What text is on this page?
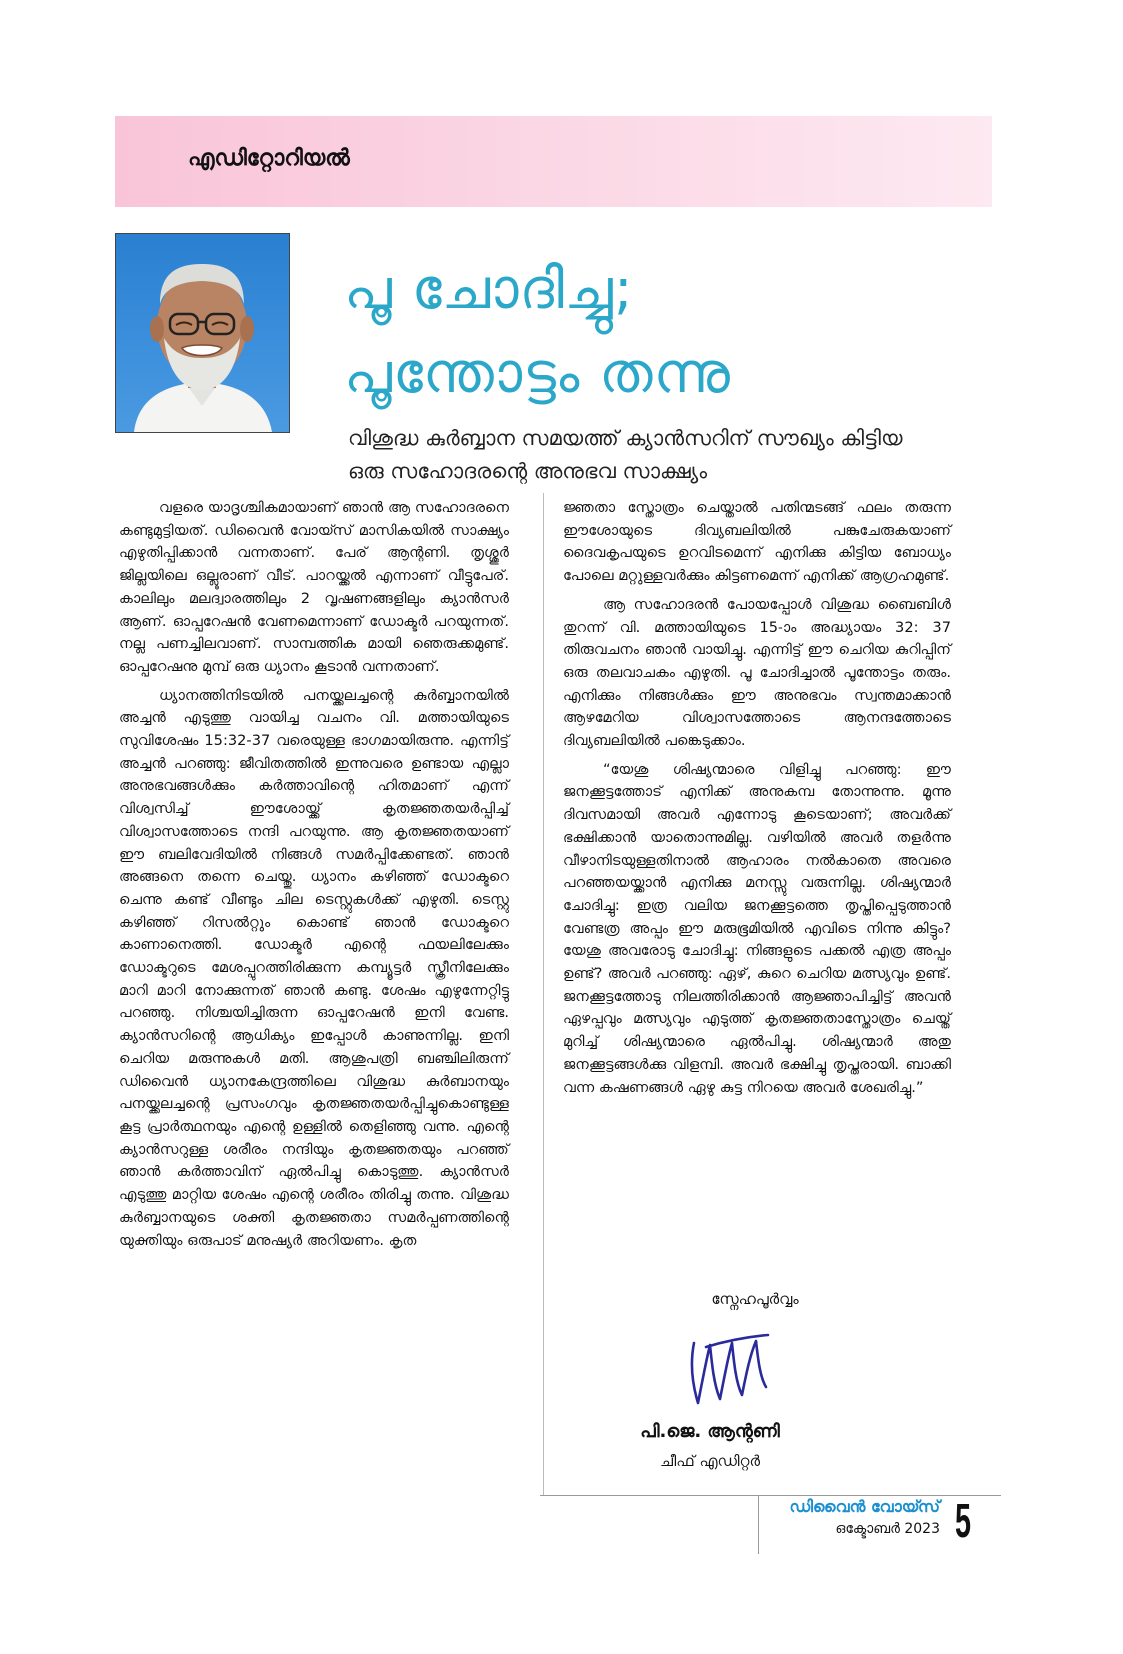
എഡിറ്റോറിയൽ
പൂ ചോദിച്ചു;
പൂന്തോട്ടം തന്നു
വിശുദ്ധ കുർബ്ബാന സമയത്ത് ക്യാൻസറിന് സൗഖ്യം കിട്ടിയ
ഒരു സഹോദരന്റെ അനുഭവ സാക്ഷ്യം

വളരെ യാദൃശ്ചികമായാണ് ഞാൻ ആ സഹോദരനെ കണ്ടുമുട്ടിയത്. ഡിവൈൻ വോയ്സ് മാസികയിൽ സാക്ഷ്യം എഴുതിപ്പിക്കാൻ വന്നതാണ്. പേര് ആന്റണി. തൃശ്ശൂർ ജില്ലയിലെ ഒല്ലൂരാണ് വീട്. പാറയ്ക്കൽ എന്നാണ് വീട്ടുപേര്. കാലിലും മലദ്വാരത്തിലും 2 വൃഷണങ്ങളിലും ക്യാൻസർ ആണ്. ഓപ്പറേഷൻ വേണമെന്നാണ് ഡോക്ടർ പറയുന്നത്. നല്ല പണച്ചിലവാണ്. സാമ്പത്തിക മായി ഞെരുക്കമുണ്ട്. ഓപ്പറേഷനു മുമ്പ് ഒരു ധ്യാനം കൂടാൻ വന്നതാണ്.

ധ്യാനത്തിനിടയിൽ പനയ്ക്കലച്ചന്റെ കുർബ്ബാനയിൽ അച്ചൻ എടുത്തു വായിച്ച വചനം വി. മത്തായിയുടെ സുവിശേഷം 15:32-37 വരെയുള്ള ഭാഗമായിരുന്നു. എന്നിട്ട് അച്ചൻ പറഞ്ഞു: ജീവിതത്തിൽ ഇന്നുവരെ ഉണ്ടായ എല്ലാ അനുഭവങ്ങൾക്കും കർത്താവിന്റെ ഹിതമാണ് എന്ന് വിശ്വസിച്ച് ഈശോയ്ക്ക് കൃതജ്ഞതയർപ്പിച്ച് വിശ്വാസത്തോടെ നന്ദി പറയുന്നു. ആ കൃതജ്ഞതയാണ് ഈ ബലിവേദിയിൽ നിങ്ങൾ സമർപ്പിക്കേണ്ടത്. ഞാൻ അങ്ങനെ തന്നെ ചെയ്തു. ധ്യാനം കഴിഞ്ഞ് ഡോക്ടറെ ചെന്നു കണ്ട് വീണ്ടും ചില ടെസ്റ്റുകൾക്ക് എഴുതി. ടെസ്റ്റു കഴിഞ്ഞ് റിസൽറ്റും കൊണ്ട് ഞാൻ ഡോക്ടറെ കാണാനെത്തി. ഡോക്ടർ എന്റെ ഫയലിലേക്കും ഡോക്ടറുടെ മേശപ്പുറത്തിരിക്കുന്ന കമ്പ്യൂട്ടർ സ്ക്രീനിലേക്കും മാറി മാറി നോക്കുന്നത് ഞാൻ കണ്ടു. ശേഷം എഴുന്നേറ്റിട്ടു പറഞ്ഞു. നിശ്ചയിച്ചിരുന്ന ഓപ്പറേഷൻ ഇനി വേണ്ട. ക്യാൻസറിന്റെ ആധിക്യം ഇപ്പോൾ കാണുന്നില്ല. ഇനി ചെറിയ മരുന്നുകൾ മതി. ആശുപത്രി ബഞ്ചിലിരുന്ന് ഡിവൈൻ ധ്യാനകേന്ദ്രത്തിലെ വിശുദ്ധ കുർബാനയും പനയ്ക്കലച്ചന്റെ പ്രസംഗവും കൃതജ്ഞതയർപ്പിച്ചുകൊണ്ടുള്ള കൂട്ട പ്രാർത്ഥനയും എന്റെ ഉള്ളിൽ തെളിഞ്ഞു വന്നു. എന്റെ ക്യാൻസറുള്ള ശരീരം നന്ദിയും കൃതജ്ഞതയും പറഞ്ഞ് ഞാൻ കർത്താവിന് ഏൽപിച്ചു കൊടുത്തു. ക്യാൻസർ എടുത്തു മാറ്റിയ ശേഷം എന്റെ ശരീരം തിരിച്ചു തന്നു. വിശുദ്ധ കുർബ്ബാനയുടെ ശക്തി കൃതജ്ഞതാ സമർപ്പണത്തിന്റെ യുക്തിയും ഒരുപാട് മനുഷ്യർ അറിയണം. കൃത

ജ്ഞതാ സ്തോത്രം ചെയ്താൽ പതിന്മടങ്ങ് ഫലം തരുന്ന ഈശോയുടെ ദിവ്യബലിയിൽ പങ്കുചേരുകയാണ് ദൈവകൃപയുടെ ഉറവിടമെന്ന് എനിക്കു കിട്ടിയ ബോധ്യം പോലെ മറ്റുള്ളവർക്കും കിട്ടണമെന്ന് എനിക്ക് ആഗ്രഹമുണ്ട്.

ആ സഹോദരൻ പോയപ്പോൾ വിശുദ്ധ ബൈബിൾ തുറന്ന് വി. മത്തായിയുടെ 15-ാം അദ്ധ്യായം 32: 37 തിരുവചനം ഞാൻ വായിച്ചു. എന്നിട്ട് ഈ ചെറിയ കുറിപ്പിന് ഒരു തലവാചകം എഴുതി. പൂ ചോദിച്ചാൽ പൂന്തോട്ടം തരും. എനിക്കും നിങ്ങൾക്കും ഈ അനുഭവം സ്വന്തമാക്കാൻ ആഴമേറിയ വിശ്വാസത്തോടെ ആനന്ദത്തോടെ ദിവ്യബലിയിൽ പങ്കെടുക്കാം.

“യേശു ശിഷ്യന്മാരെ വിളിച്ചു പറഞ്ഞു: ഈ ജനക്കൂട്ടത്തോട് എനിക്ക് അനുകമ്പ തോന്നുന്നു. മൂന്നു ദിവസമായി അവർ എന്നോടു കൂടെയാണ്; അവർക്ക് ഭക്ഷിക്കാൻ യാതൊന്നുമില്ല. വഴിയിൽ അവർ തളർന്നു വീഴാനിടയുള്ളതിനാൽ ആഹാരം നൽകാതെ അവരെ പറഞ്ഞയയ്ക്കാൻ എനിക്കു മനസ്സു വരുന്നില്ല. ശിഷ്യന്മാർ ചോദിച്ചു: ഇത്ര വലിയ ജനക്കൂട്ടത്തെ തൃപ്തിപ്പെടുത്താൻ വേണ്ടത്ര അപ്പം ഈ മരുഭൂമിയിൽ എവിടെ നിന്നു കിട്ടും? യേശു അവരോടു ചോദിച്ചു: നിങ്ങളുടെ പക്കൽ എത്ര അപ്പം ഉണ്ട്? അവർ പറഞ്ഞു: ഏഴ്, കുറെ ചെറിയ മത്സ്യവും ഉണ്ട്. ജനക്കൂട്ടത്തോടു നിലത്തിരിക്കാൻ ആജ്ഞാപിച്ചിട്ട് അവൻ ഏഴപ്പവും മത്സ്യവും എടുത്ത് കൃതജ്ഞതാസ്തോത്രം ചെയ്ത് മുറിച്ച് ശിഷ്യന്മാരെ ഏൽപിച്ചു. ശിഷ്യന്മാർ അതു ജനക്കൂട്ടങ്ങൾക്കു വിളമ്പി. അവർ ഭക്ഷിച്ചു തൃപ്തരായി. ബാക്കി വന്ന കഷണങ്ങൾ ഏഴു കുട്ട നിറയെ അവർ ശേഖരിച്ചു.”

സ്നേഹപൂർവ്വം
പി.ജെ. ആന്റണി
ചീഫ് എഡിറ്റർ
ഡിവൈൻ വോയ്സ്
ഒക്ടോബർ 2023 5
